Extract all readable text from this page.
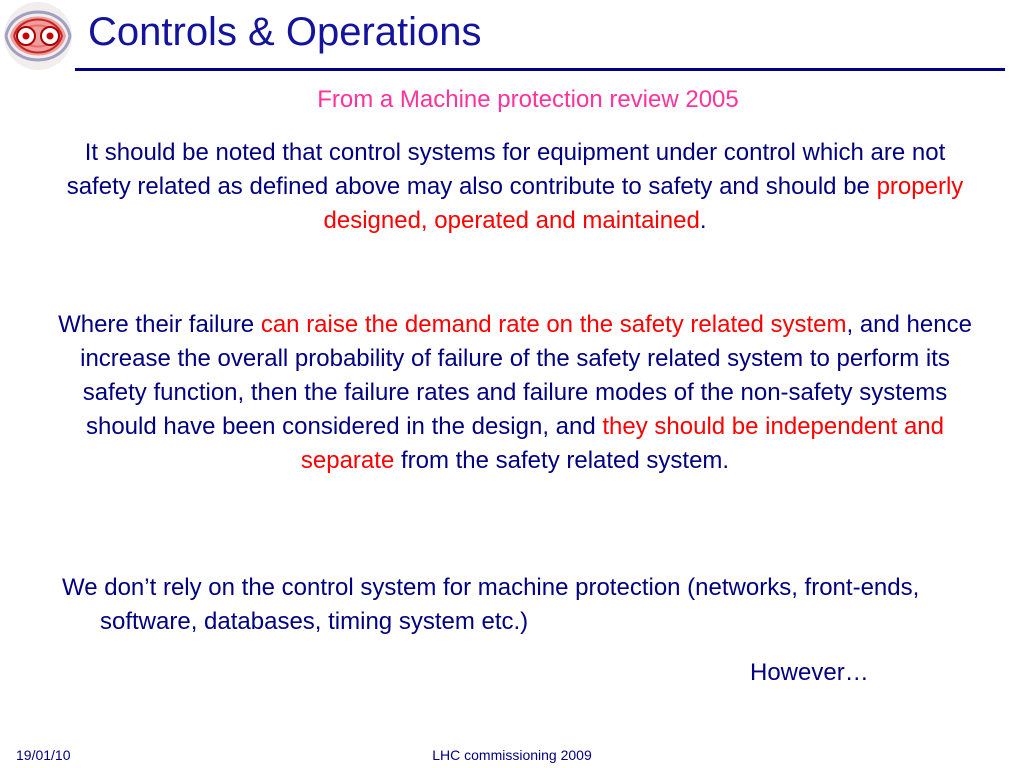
Controls & Operations
From a Machine protection review 2005
It should be noted that control systems for equipment under control which are not safety related as defined above may also contribute to safety and should be properly designed, operated and maintained.
Where their failure can raise the demand rate on the safety related system, and hence increase the overall probability of failure of the safety related system to perform its safety function, then the failure rates and failure modes of the non-safety systems should have been considered in the design, and they should be independent and separate from the safety related system.
We don’t rely on the control system for machine protection (networks, front-ends, software, databases, timing system etc.)
However…
19/01/10	LHC commissioning 2009
